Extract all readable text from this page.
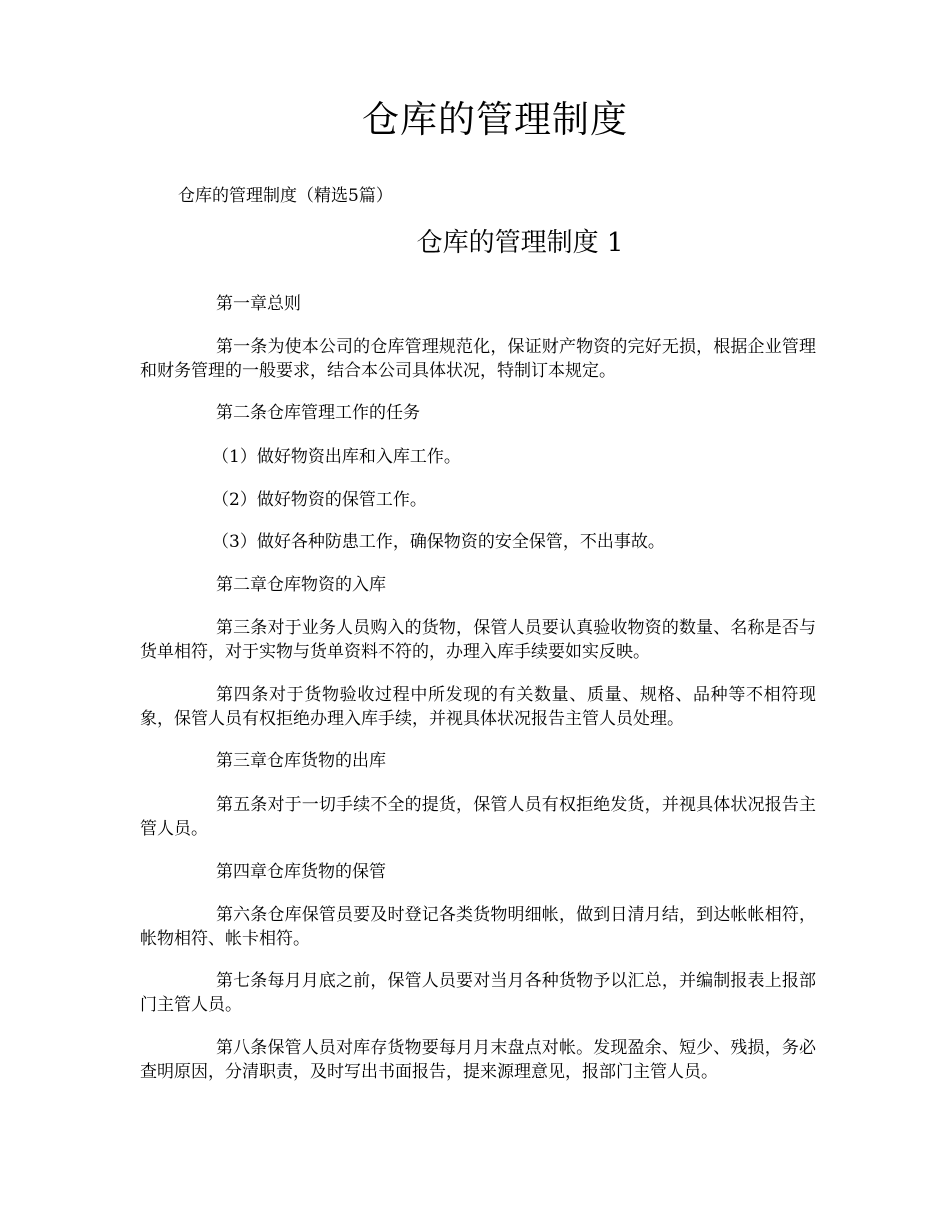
仓库的管理制度
仓库的管理制度（精选5篇）
仓库的管理制度 1

第一章总则

第一条为使本公司的仓库管理规范化，保证财产物资的完好无损，根据企业管理和财务管理的一般要求，结合本公司具体状况，特制订本规定。

第二条仓库管理工作的任务

（1）做好物资出库和入库工作。

（2）做好物资的保管工作。

（3）做好各种防患工作，确保物资的安全保管，不出事故。

第二章仓库物资的入库

第三条对于业务人员购入的货物，保管人员要认真验收物资的数量、名称是否与货单相符，对于实物与货单资料不符的，办理入库手续要如实反映。

第四条对于货物验收过程中所发现的有关数量、质量、规格、品种等不相符现象，保管人员有权拒绝办理入库手续，并视具体状况报告主管人员处理。

第三章仓库货物的出库

第五条对于一切手续不全的提货，保管人员有权拒绝发货，并视具体状况报告主管人员。

第四章仓库货物的保管

第六条仓库保管员要及时登记各类货物明细帐，做到日清月结，到达帐帐相符，帐物相符、帐卡相符。

第七条每月月底之前，保管人员要对当月各种货物予以汇总，并编制报表上报部门主管人员。

第八条保管人员对库存货物要每月月末盘点对帐。发现盈余、短少、残损，务必查明原因，分清职责，及时写出书面报告，提来源理意见，报部门主管人员。
